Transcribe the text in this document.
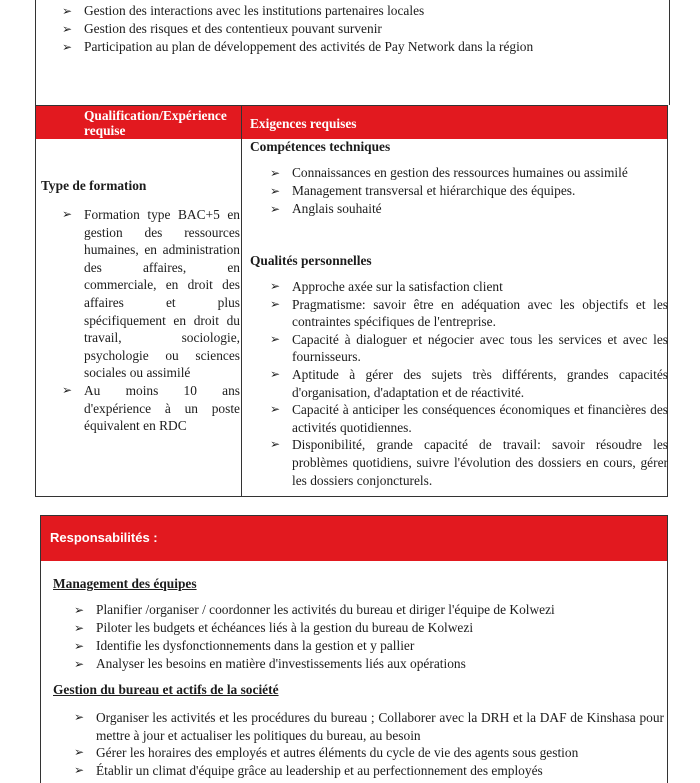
➢ Gestion des interactions avec les institutions partenaires locales
➢ Gestion des risques et des contentieux pouvant survenir
➢ Participation au plan de développement des activités de Pay Network dans la région
Qualification/Expérience requise	Exigences requises
Type de formation
➢ Formation type BAC+5 en gestion des ressources humaines, en administration des affaires, en commerciale, en droit des affaires et plus spécifiquement en droit du travail, sociologie, psychologie ou sciences sociales ou assimilé
➢ Au moins 10 ans d'expérience à un poste équivalent en RDC
Compétences techniques
➢ Connaissances en gestion des ressources humaines ou assimilé
➢ Management transversal et hiérarchique des équipes.
➢ Anglais souhaité
Qualités personnelles
➢ Approche axée sur la satisfaction client
➢ Pragmatisme: savoir être en adéquation avec les objectifs et les contraintes spécifiques de l'entreprise.
➢ Capacité à dialoguer et négocier avec tous les services et avec les fournisseurs.
➢ Aptitude à gérer des sujets très différents, grandes capacités d'organisation, d'adaptation et de réactivité.
➢ Capacité à anticiper les conséquences économiques et financières des activités quotidiennes.
➢ Disponibilité, grande capacité de travail: savoir résoudre les problèmes quotidiens, suivre l'évolution des dossiers en cours, gérer les dossiers conjoncturels.
Responsabilités :
Management des équipes
➢ Planifier /organiser / coordonner les activités du bureau et diriger l'équipe de Kolwezi
➢ Piloter les budgets et échéances liés à la gestion du bureau de Kolwezi
➢ Identifie les dysfonctionnements dans la gestion et y pallier
➢ Analyser les besoins en matière d'investissements liés aux opérations
Gestion du bureau et actifs de la société
➢ Organiser les activités et les procédures du bureau ; Collaborer avec la DRH et la DAF de Kinshasa pour mettre à jour et actualiser les politiques du bureau, au besoin
➢ Gérer les horaires des employés et autres éléments du cycle de vie des agents sous gestion
➢ Établir un climat d'équipe grâce au leadership et au perfectionnement des employés
